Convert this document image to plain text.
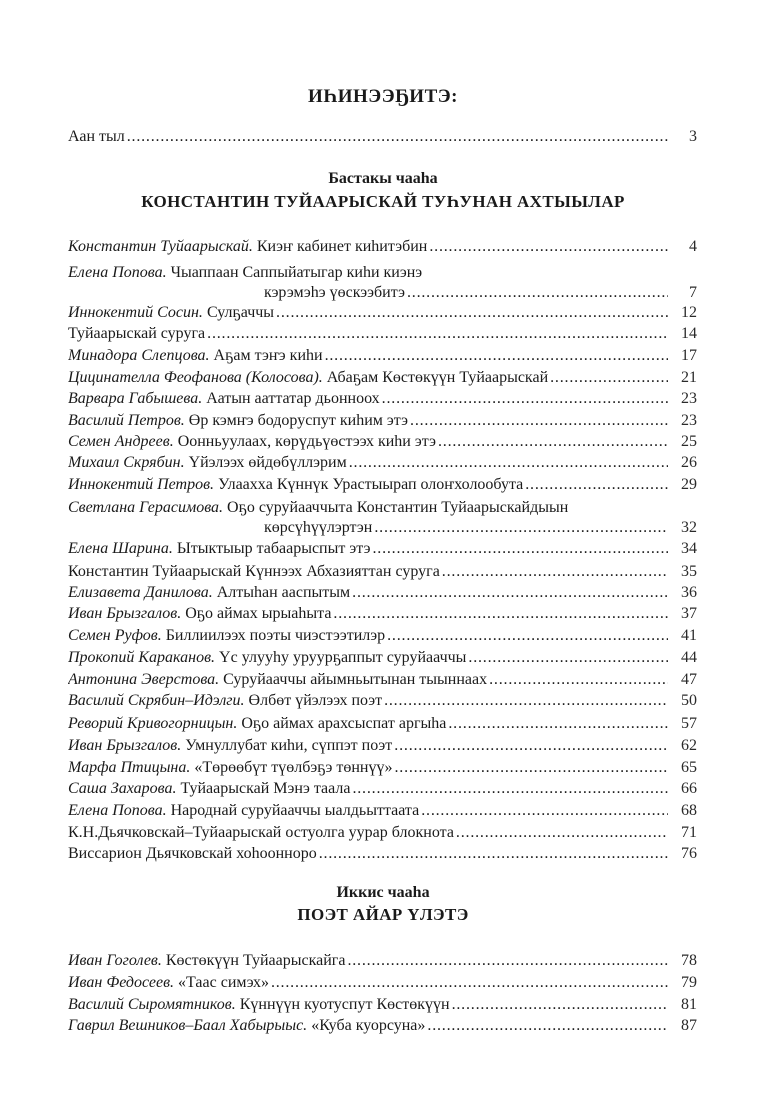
ИҺИНЭЭҔИТЭ:
Аан тыл
. . .	3
Бастакы чааһа
КОНСТАНТИН ТУЙААРЫСКАЙ ТУҺУНАН АХТЫЫЛАР
4
Константин Туйаарыскай.
Киэҥ кабинет киһитэбин
. . .
Елена Попова.
Чыаппаан Саппыйатыгар киһи киэнэ
7
кэрэмэһэ үөскээбитэ
. . .
12
Иннокентий Сосин.
Сулҕаччы
. . .
14
Туйаарыскай суруга
. . .
17
Минадора Слепцова.
Аҕам тэҥэ киһи
. . .
21
Цицинателла Феофанова (Колосова).
Абаҕам Көстөкүүн Туйаарыскай
. . .
23
Варвара Габышева.
Аатын ааттатар дьонноох
. . .
23
Василий Петров.
Өр кэмҥэ бодоруспут киһим этэ
. . .
25
Семен Андреев.
Оонньуулаах, көрүдьүөстээх киһи этэ
. . .
26
Михаил Скрябин.
Үйэлээх өйдөбүллэрим
. . .
29
Иннокентий Петров.
Улааххa Күннүк Урастыырап олоҥхолообута
. . .
Светлана Герасимова.
Оҕо суруйааччыта Константин Туйаарыскайдыын
32
көрсүһүүлэртэн
. . .
34
Елена Шарина.
Ытыктыыр табаарыспыт этэ
. . .
35
Константин Туйаарыскай Күннээх Абхазияттан суруга
. . .
36
Елизавета Данилова.
Алтыһан ааспытым
. . .
37
Иван Брызгалов.
Оҕо аймах ырыаһыта
. . .
41
Семен Руфов.
Биллиилээх поэты чиэстээтилэр
. . .
44
Прокопий Караканов.
Үс улууһу уруурҕаппыт суруйааччы
. . .
47
Антонина Эверстова.
Суруйааччы айымньытынан тыыннаах
. . .
50
Василий Скрябин–Идэлги.
Өлбөт үйэлээх поэт
. . .
57
Реворий Кривогорницын.
Оҕо аймах арахсыспат аргыһа
. . .
62
Иван Брызгалов.
Умнуллубат киһи, сүппэт поэт
. . .
65
Марфа Птицына.
«Төрөөбүт түөлбэҕэ төннүү»
. . .
66
Саша Захарова.
Туйаарыскай Мэнэ таала
. . .
68
Елена Попова.
Народнай суруйааччы ыалдьыттаата
. . .
71
К.Н.Дьячковскай–Туйаарыскай остуолга уурар блокнота
. . .
76
Виссарион Дьячковскай хоһоонноро
. . .
Иккис чааһа
ПОЭТ АЙАР ҮЛЭТЭ
78
Иван Гоголев.
Көстөкүүн Туйаарыскайга
. . .
79
Иван Федосеев.
«Таас симэх»
. . .
81
Василий Сыромятников.
Күннүүн куотуспут Көстөкүүн
. . .
87
Гаврил Вешников–Баал Хабырыыс.
«Куба куорсуна»
. . .
